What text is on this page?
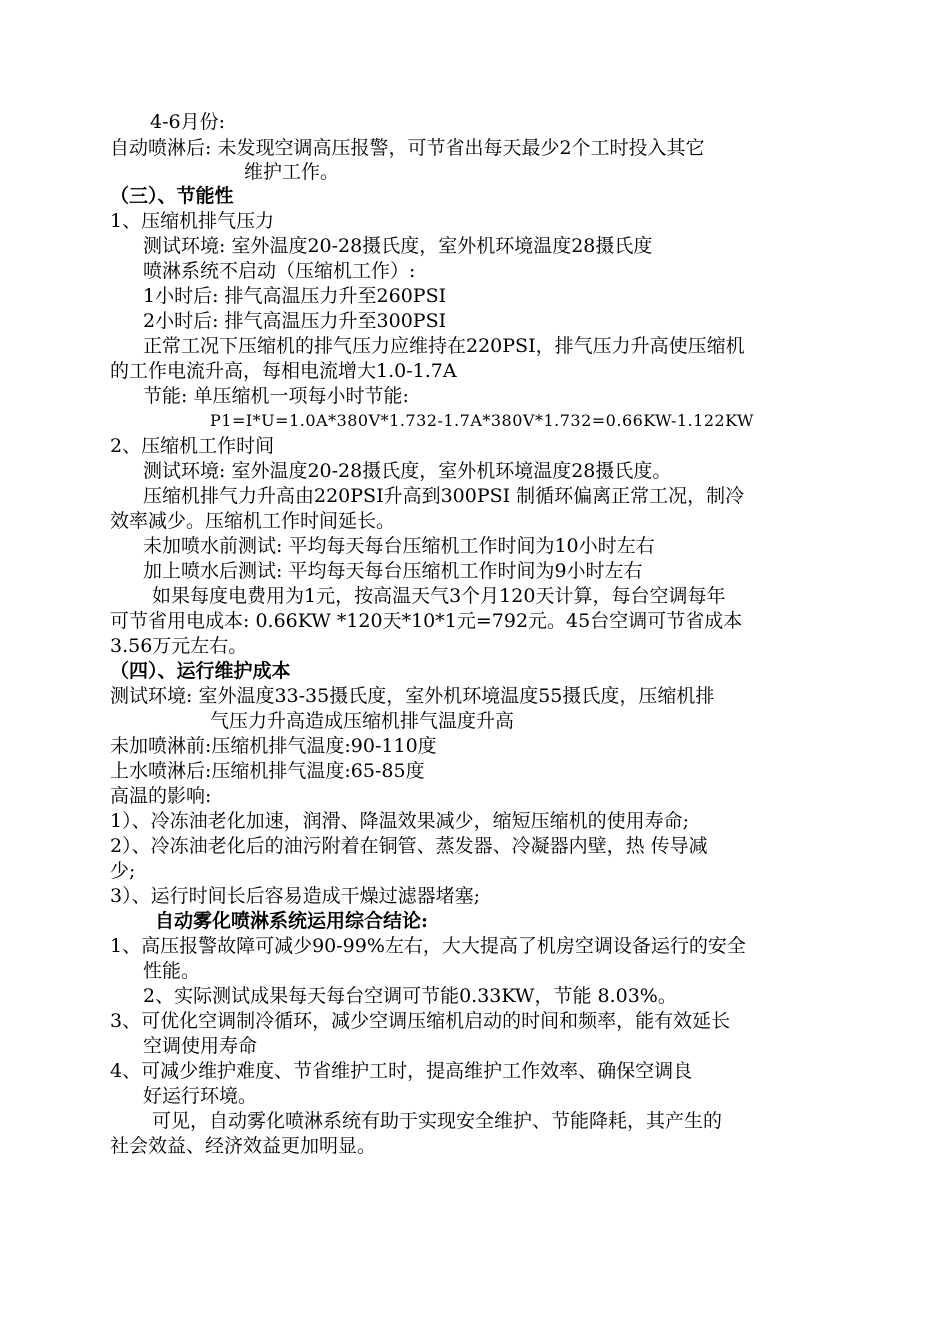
4-6月份:

自动喷淋后: 未发现空调高压报警，可节省出每天最少2个工时投入其它

维护工作。

（三）、节能性

1、压缩机排气压力

测试环境: 室外温度20-28摄氏度，室外机环境温度28摄氏度

喷淋系统不启动（压缩机工作）:

1小时后: 排气高温压力升至260PSI

2小时后: 排气高温压力升至300PSI

正常工况下压缩机的排气压力应维持在220PSI，排气压力升高使压缩机

的工作电流升高，每相电流增大1.0-1.7A

节能: 单压缩机一项每小时节能:

P1=I*U=1.0A*380V*1.732-1.7A*380V*1.732=0.66KW-1.122KW

2、压缩机工作时间

测试环境: 室外温度20-28摄氏度，室外机环境温度28摄氏度。

压缩机排气力升高由220PSI升高到300PSI 制循环偏离正常工况，制冷

效率减少。压缩机工作时间延长。

未加喷水前测试: 平均每天每台压缩机工作时间为10小时左右

加上喷水后测试: 平均每天每台压缩机工作时间为9小时左右

如果每度电费用为1元，按高温天气3个月120天计算，每台空调每年

可节省用电成本: 0.66KW *120天*10*1元=792元。45台空调可节省成本

3.56万元左右。

（四）、运行维护成本

测试环境: 室外温度33-35摄氏度，室外机环境温度55摄氏度，压缩机排

气压力升高造成压缩机排气温度升高

未加喷淋前:压缩机排气温度:90-110度

上水喷淋后:压缩机排气温度:65-85度

高温的影响:

1）、冷冻油老化加速，润滑、降温效果减少，缩短压缩机的使用寿命;

2）、冷冻油老化后的油污附着在铜管、蒸发器、冷凝器内壁，热 传导减

少;

3）、运行时间长后容易造成干燥过滤器堵塞;

自动雾化喷淋系统运用综合结论:

1、高压报警故障可减少90-99%左右，大大提高了机房空调设备运行的安全

性能。

2、实际测试成果每天每台空调可节能0.33KW，节能 8.03%。

3、可优化空调制冷循环，减少空调压缩机启动的时间和频率，能有效延长

空调使用寿命

4、可减少维护难度、节省维护工时，提高维护工作效率、确保空调良

好运行环境。

可见，自动雾化喷淋系统有助于实现安全维护、节能降耗，其产生的

社会效益、经济效益更加明显。
